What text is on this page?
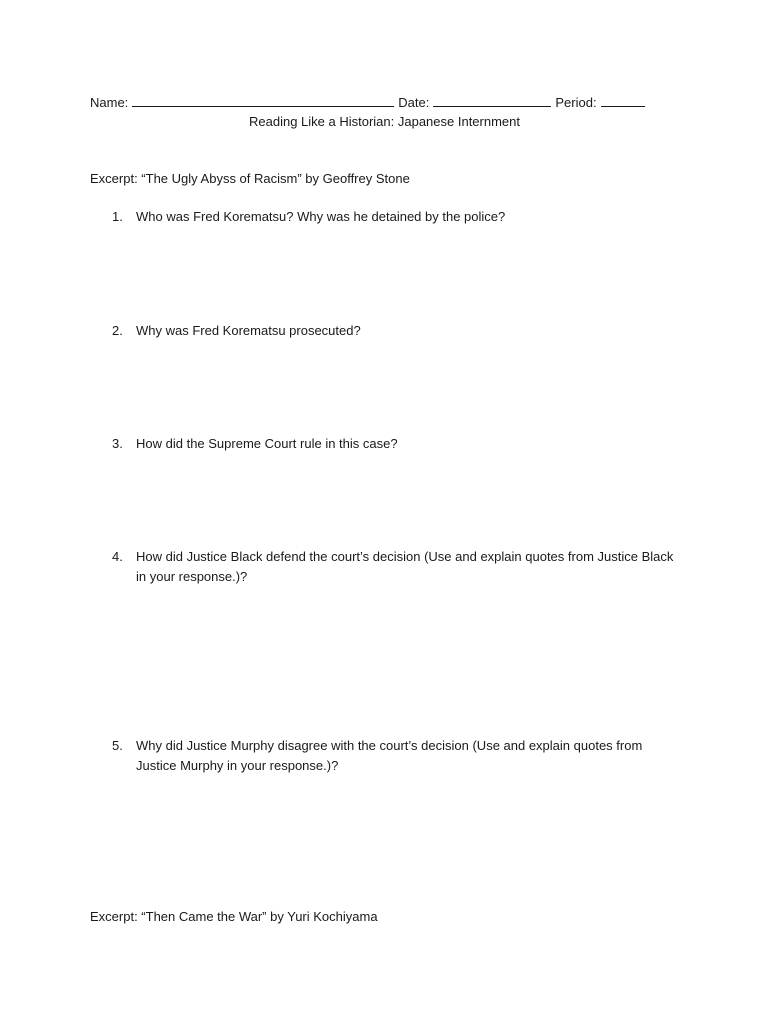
Name:	Date:	Period:
Reading Like a Historian: Japanese Internment
Excerpt: “The Ugly Abyss of Racism” by Geoffrey Stone
1.	Who was Fred Korematsu? Why was he detained by the police?
2.	Why was Fred Korematsu prosecuted?
3.	How did the Supreme Court rule in this case?
4.	How did Justice Black defend the court’s decision (Use and explain quotes from Justice Black in your response.)?
5.	Why did Justice Murphy disagree with the court’s decision (Use and explain quotes from Justice Murphy in your response.)?
Excerpt: “Then Came the War” by Yuri Kochiyama
